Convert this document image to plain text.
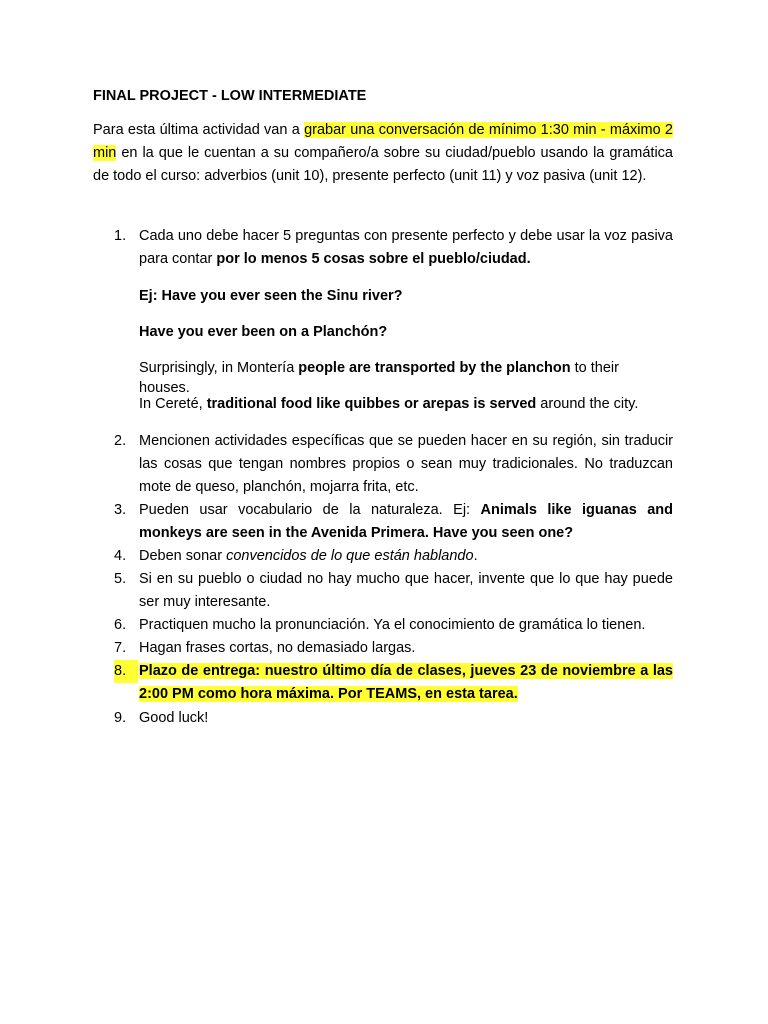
FINAL PROJECT - LOW INTERMEDIATE
Para esta última actividad van a grabar una conversación de mínimo 1:30 min - máximo 2 min en la que le cuentan a su compañero/a sobre su ciudad/pueblo usando la gramática de todo el curso: adverbios (unit 10), presente perfecto (unit 11) y voz pasiva (unit 12).
1. Cada uno debe hacer 5 preguntas con presente perfecto y debe usar la voz pasiva para contar por lo menos 5 cosas sobre el pueblo/ciudad.
Ej: Have you ever seen the Sinu river?
Have you ever been on a Planchón?
Surprisingly, in Montería people are transported by the planchon to their houses.
In Cereté, traditional food like quibbes or arepas is served around the city.
2. Mencionen actividades específicas que se pueden hacer en su región, sin traducir las cosas que tengan nombres propios o sean muy tradicionales. No traduzcan mote de queso, planchón, mojarra frita, etc.
3. Pueden usar vocabulario de la naturaleza. Ej: Animals like iguanas and monkeys are seen in the Avenida Primera. Have you seen one?
4. Deben sonar convencidos de lo que están hablando.
5. Si en su pueblo o ciudad no hay mucho que hacer, invente que lo que hay puede ser muy interesante.
6. Practiquen mucho la pronunciación. Ya el conocimiento de gramática lo tienen.
7. Hagan frases cortas, no demasiado largas.
8. Plazo de entrega: nuestro último día de clases, jueves 23 de noviembre a las 2:00 PM como hora máxima. Por TEAMS, en esta tarea.
9. Good luck!
